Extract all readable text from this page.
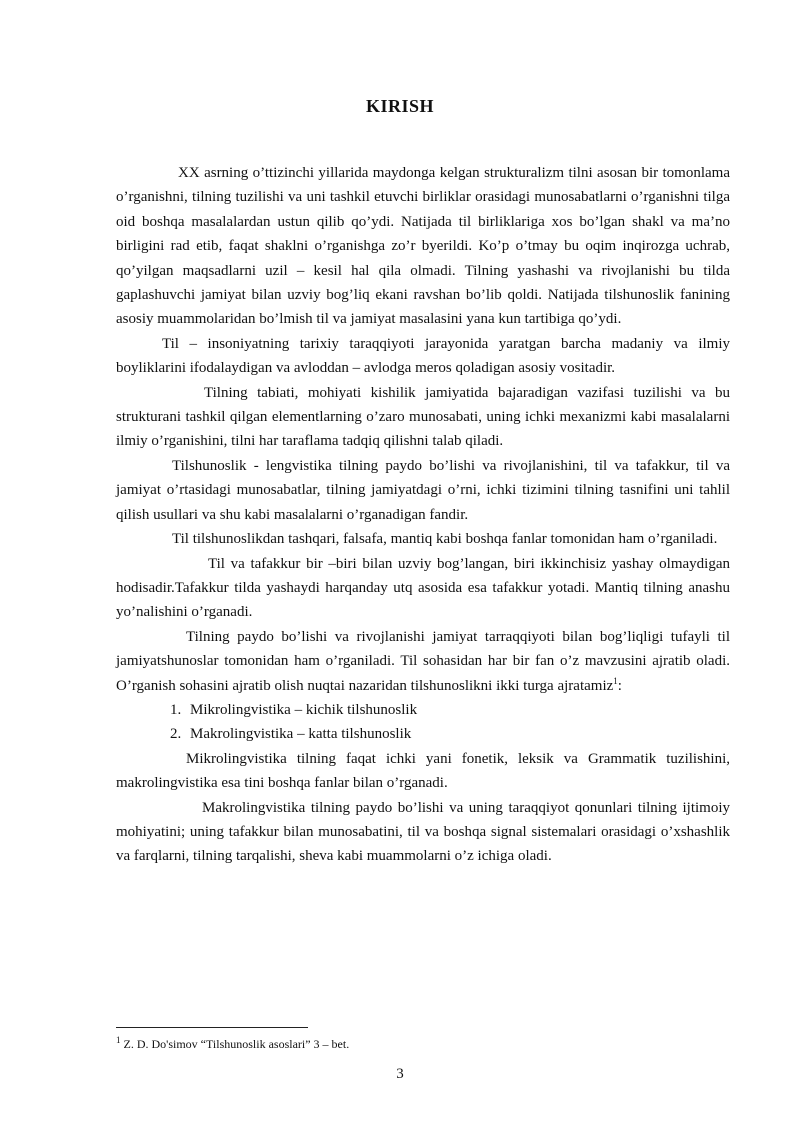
KIRISH

XX asrning o’ttizinchi yillarida maydonga kelgan strukturalizm tilni asosan bir tomonlama o’rganishni, tilning tuzilishi va uni tashkil etuvchi birliklar orasidagi munosabatlarni o’rganishni tilga oid boshqa masalalardan ustun qilib qo’ydi. Natijada til birliklariga xos bo’lgan shakl va ma’no birligini rad etib, faqat shaklni o’rganishga zo’r byerildi. Ko’p o’tmay bu oqim inqirozga uchrab, qo’yilgan maqsadlarni uzil – kesil hal qila olmadi. Tilning yashashi va rivojlanishi bu tilda gaplashuvchi jamiyat bilan uzviy bog’liq ekani ravshan bo’lib qoldi. Natijada tilshunoslik fanining asosiy muammolaridan bo’lmish til va jamiyat masalasini yana kun tartibiga qo’ydi.

Til – insoniyatning tarixiy taraqqiyoti jarayonida yaratgan barcha madaniy va ilmiy boyliklarini ifodalaydigan va avloddan – avlodga meros qoladigan asosiy vositadir.

Tilning tabiati, mohiyati kishilik jamiyatida bajaradigan vazifasi tuzilishi va bu strukturani tashkil qilgan elementlarning o’zaro munosabati, uning ichki mexanizmi kabi masalalarni ilmiy o’rganishini, tilni har taraflama tadqiq qilishni talab qiladi.

Tilshunoslik - lengvistika tilning paydo bo’lishi va rivojlanishini, til va tafakkur, til va jamiyat o’rtasidagi munosabatlar, tilning jamiyatdagi o’rni, ichki tizimini tilning tasnifini uni tahlil qilish usullari va shu kabi masalalarni o’rganadigan fandir.

Til tilshunoslikdan tashqari, falsafa, mantiq kabi boshqa fanlar tomonidan ham o’rganiladi.

Til va tafakkur bir –biri bilan uzviy bog’langan, biri ikkinchisiz yashay olmaydigan hodisadir.Tafakkur tilda yashaydi harqanday utq asosida esa tafakkur yotadi. Mantiq tilning anashu yo’nalishini o’rganadi.

Tilning paydo bo’lishi va rivojlanishi jamiyat tarraqqiyoti bilan bog’liqligi tufayli til jamiyatshunoslar tomonidan ham o’rganiladi. Til sohasidan har bir fan o’z mavzusini ajratib oladi. O’rganish sohasini ajratib olish nuqtai nazaridan tilshunoslikni ikki turga ajratamiz$^1$:

1. Mikrolingvistika – kichik tilshunoslik
2. Makrolingvistika – katta tilshunoslik

Mikrolingvistika tilning faqat ichki yani fonetik, leksik va Grammatik tuzilishini, makrolingvistika esa tini boshqa fanlar bilan o’rganadi.

Makrolingvistika tilning paydo bo’lishi va uning taraqqiyot qonunlari tilning ijtimoiy mohiyatini; uning tafakkur bilan munosabatini, til va boshqa signal sistemalari orasidagi o’xshashlik va farqlarni, tilning tarqalishi, sheva kabi muammolarni o’z ichiga oladi.

$^1$ Z. D. Do'simov “Tilshunoslik asoslari” 3 – bet.
3
